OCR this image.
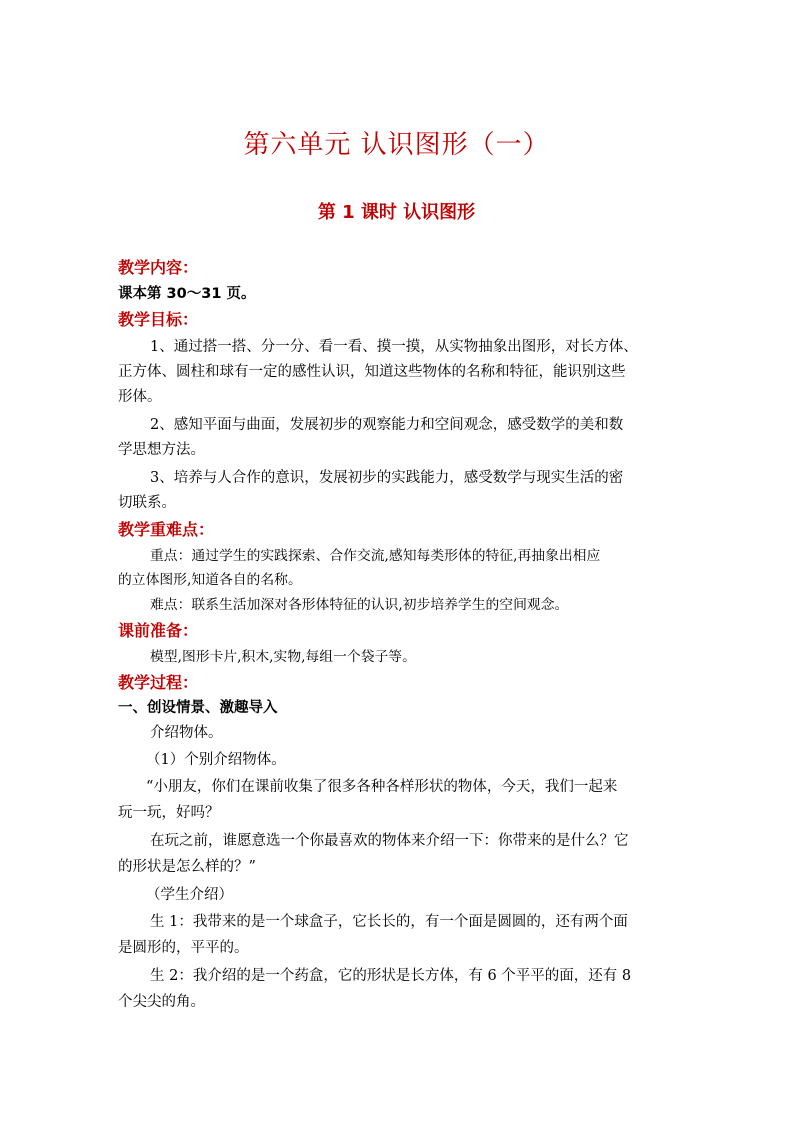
第六单元 认识图形（一）
第 1 课时 认识图形
教学内容：
课本第 30～31 页。
教学目标：
1、通过搭一搭、分一分、看一看、摸一摸，从实物抽象出图形，对长方体、
正方体、圆柱和球有一定的感性认识，知道这些物体的名称和特征，能识别这些
形体。
2、感知平面与曲面，发展初步的观察能力和空间观念，感受数学的美和数
学思想方法。
3、培养与人合作的意识，发展初步的实践能力，感受数学与现实生活的密
切联系。
教学重难点：
重点：通过学生的实践探索、合作交流,感知每类形体的特征,再抽象出相应
的立体图形,知道各自的名称。
难点：联系生活加深对各形体特征的认识,初步培养学生的空间观念。
课前准备：
模型,图形卡片,积木,实物,每组一个袋子等。
教学过程：
一、创设情景、激趣导入
介绍物体。
（1）个别介绍物体。
“小朋友，你们在课前收集了很多各种各样形状的物体，今天，我们一起来
玩一玩，好吗？
在玩之前，谁愿意选一个你最喜欢的物体来介绍一下：你带来的是什么？它
的形状是怎么样的？”
（学生介绍）
生 1：我带来的是一个球盒子，它长长的，有一个面是圆圆的，还有两个面
是圆形的，平平的。
生 2：我介绍的是一个药盒，它的形状是长方体，有 6 个平平的面，还有 8
个尖尖的角。
